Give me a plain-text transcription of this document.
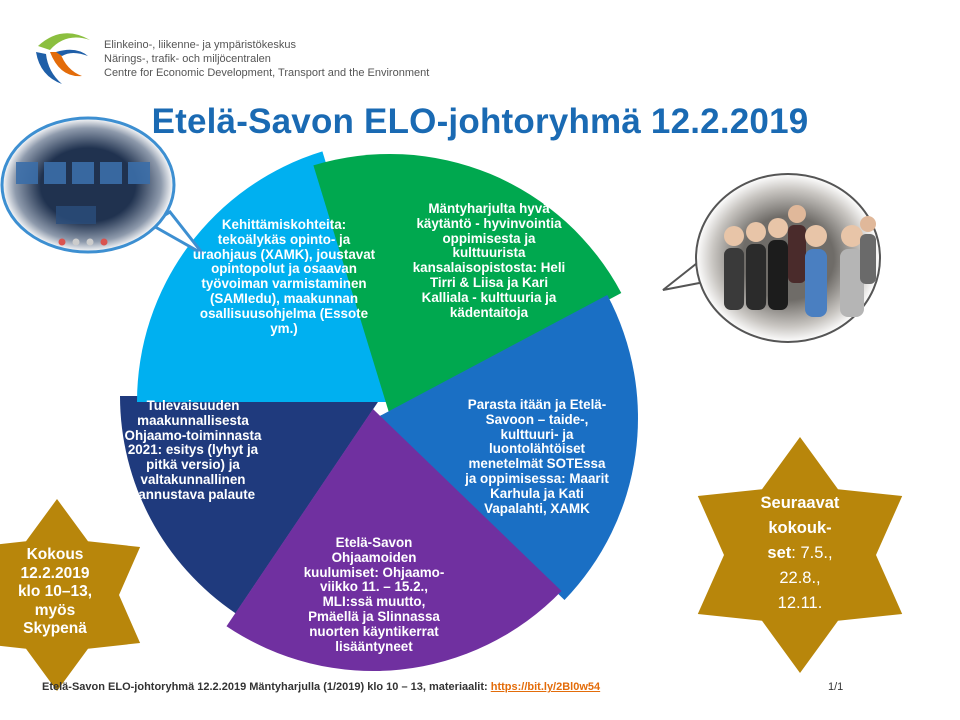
Elinkeino-, liikenne- ja ympäristökeskus
Närings-, trafik- och miljöcentralen
Centre for Economic Development, Transport and the Environment
Etelä-Savon ELO-johtoryhmä 12.2.2019
Kehittämiskohteita: tekoälykäs opinto- ja uraohjaus (XAMK), joustavat opintopolut ja osaavan työvoiman varmistaminen (SAMIedu), maakunnan osallisuusohjelma (Essote ym.)
Mäntyharjulta hyvä käytäntö - hyvinvointia oppimisesta ja kulttuurista kansalaisopistosta: Heli Tirri & Liisa ja Kari Kalliala - kulttuuria ja kädentaitoja
Parasta itään ja Etelä-Savoon – taide-, kulttuuri- ja luontolähtöiset menetelmät SOTEssa ja oppimisessa: Maarit Karhula ja Kati Vapalahti, XAMK
Etelä-Savon Ohjaamoiden kuulumiset: Ohjaamo-viikko 11. – 15.2., MLI:ssä muutto, Pmäellä ja Slinnassa nuorten käyntikerrat lisääntyneet
Tulevaisuuden maakunnallisesta Ohjaamo-toiminnasta 2021: esitys (lyhyt ja pitkä versio) ja valtakunnallinen kannustava palaute
Kokous
12.2.2019
klo 10–13,
myös
Skypenä
Seuraavat
kokouk-
set: 7.5.,
22.8.,
12.11.
Etelä-Savon ELO-johtoryhmä 12.2.2019 Mäntyharjulla (1/2019) klo 10 – 13, materiaalit: https://bit.ly/2Bl0w54	1/1
